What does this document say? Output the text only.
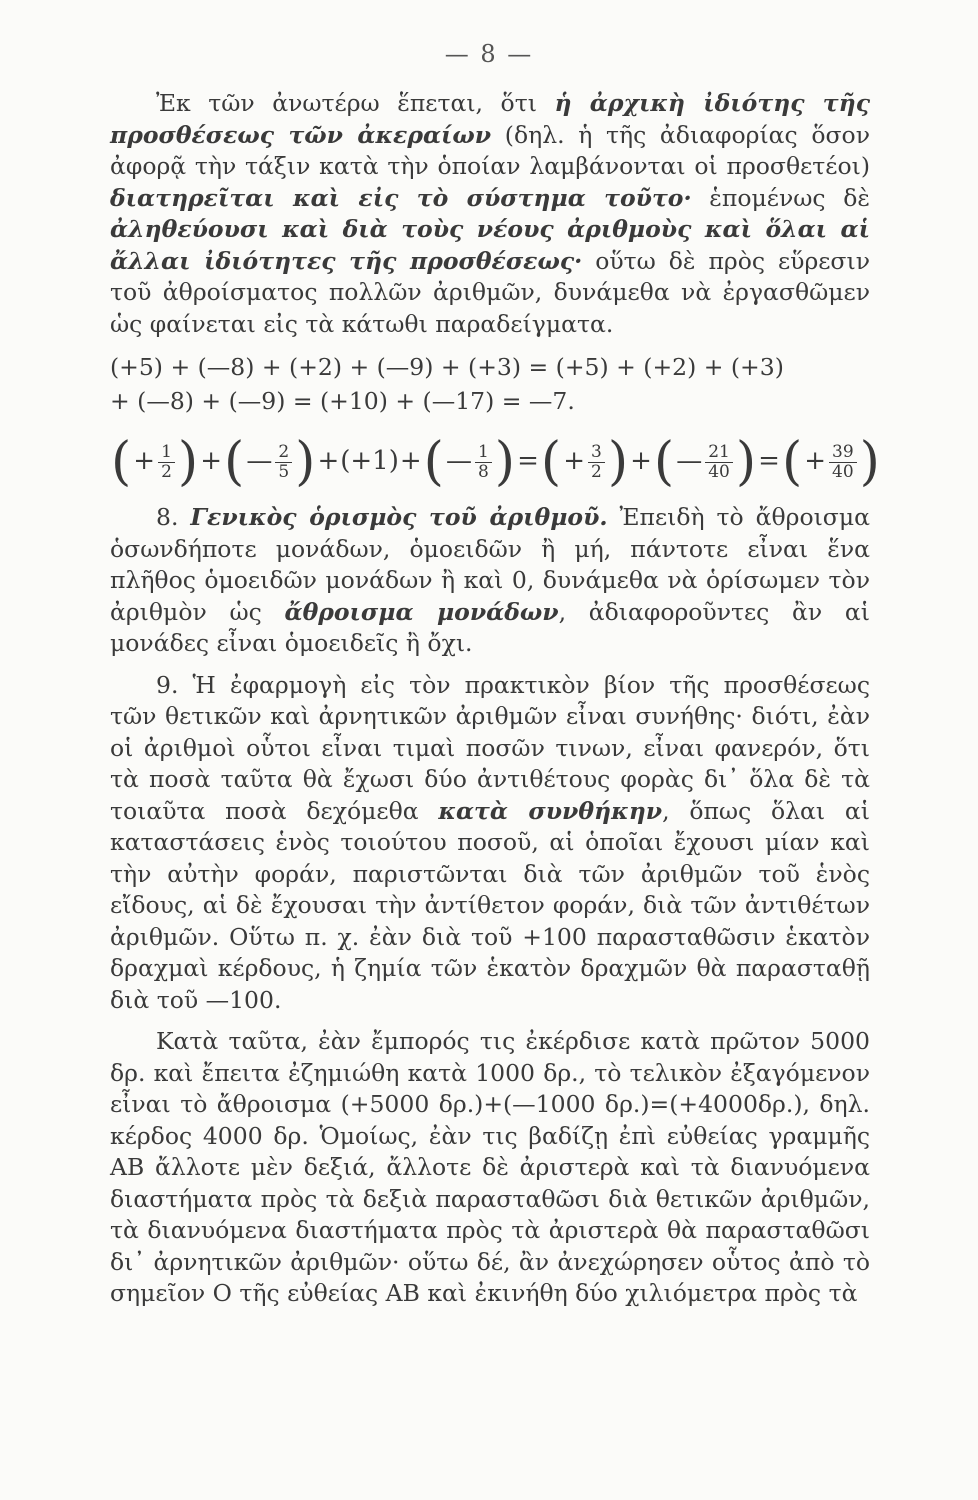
— 8 —

Ἐκ τῶν ἀνωτέρω ἕπεται, ὅτι ἡ ἀρχικὴ ἰδιότης τῆς προσθέσεως τῶν ἀκεραίων (δηλ. ἡ τῆς ἀδιαφορίας ὅσον ἀφορᾷ τὴν τάξιν κατὰ τὴν ὁποίαν λαμβάνονται οἱ προσθετέοι) διατηρεῖται καὶ εἰς τὸ σύστημα τοῦτο· ἑπομένως δὲ ἀληθεύουσι καὶ διὰ τοὺς νέους ἀριθμοὺς καὶ ὅλαι αἱ ἄλλαι ἰδιότητες τῆς προσθέσεως· οὕτω δὲ πρὸς εὕρεσιν τοῦ ἀθροίσματος πολλῶν ἀριθμῶν, δυνάμεθα νὰ ἐργασθῶμεν ὡς φαίνεται εἰς τὰ κάτωθι παραδείγματα.

(+5) + (—8) + (+2) + (—9) + (+3) = (+5) + (+2) + (+3)
+ (—8) + (—9) = (+10) + (—17) = —7.
( + $\frac{1}{2}$ ) + ( — $\frac{2}{5}$ ) + ( +1 ) + ( — $\frac{1}{8}$ ) = ( + $\frac{3}{2}$ ) + ( — $\frac{21}{40}$ ) = ( + $\frac{39}{40}$ )

8. Γενικὸς ὁρισμὸς τοῦ ἀριθμοῦ. Ἐπειδὴ τὸ ἄθροισμα ὁσωνδήποτε μονάδων, ὁμοειδῶν ἢ μή, πάντοτε εἶναι ἕνα πλῆθος ὁμοειδῶν μονάδων ἢ καὶ 0, δυνάμεθα νὰ ὁρίσωμεν τὸν ἀριθμὸν ὡς ἄθροισμα μονάδων, ἀδιαφοροῦντες ἂν αἱ μονάδες εἶναι ὁμοειδεῖς ἢ ὄχι.

9. Ἡ ἐφαρμογὴ εἰς τὸν πρακτικὸν βίον τῆς προσθέσεως τῶν θετικῶν καὶ ἀρνητικῶν ἀριθμῶν εἶναι συνήθης· διότι, ἐὰν οἱ ἀριθμοὶ οὗτοι εἶναι τιμαὶ ποσῶν τινων, εἶναι φανερόν, ὅτι τὰ ποσὰ ταῦτα θὰ ἔχωσι δύο ἀντιθέτους φορὰς δι᾿ ὅλα δὲ τὰ τοιαῦτα ποσὰ δεχόμεθα κατὰ συνθήκην, ὅπως ὅλαι αἱ καταστάσεις ἑνὸς τοιούτου ποσοῦ, αἱ ὁποῖαι ἔχουσι μίαν καὶ τὴν αὐτὴν φοράν, παριστῶνται διὰ τῶν ἀριθμῶν τοῦ ἑνὸς εἴδους, αἱ δὲ ἔχουσαι τὴν ἀντίθετον φοράν, διὰ τῶν ἀντιθέτων ἀριθμῶν. Οὕτω π. χ. ἐὰν διὰ τοῦ +100 παρασταθῶσιν ἑκατὸν δραχμαὶ κέρδους, ἡ ζημία τῶν ἑκατὸν δραχμῶν θὰ παρασταθῇ διὰ τοῦ —100.

Κατὰ ταῦτα, ἐὰν ἔμπορός τις ἐκέρδισε κατὰ πρῶτον 5000 δρ. καὶ ἔπειτα ἐζημιώθη κατὰ 1000 δρ., τὸ τελικὸν ἐξαγόμενον εἶναι τὸ ἄθροισμα (+5000 δρ.)+(—1000 δρ.)=(+4000δρ.), δηλ. κέρδος 4000 δρ. Ὁμοίως, ἐὰν τις βαδίζῃ ἐπὶ εὐθείας γραμμῆς ΑΒ ἄλλοτε μὲν δεξιά, ἄλλοτε δὲ ἀριστερὰ καὶ τὰ διανυόμενα διαστήματα πρὸς τὰ δεξιὰ παρασταθῶσι διὰ θετικῶν ἀριθμῶν, τὰ διανυόμενα διαστήματα πρὸς τὰ ἀριστερὰ θὰ παρασταθῶσι δι᾿ ἀρνητικῶν ἀριθμῶν· οὕτω δέ, ἂν ἀνεχώρησεν οὗτος ἀπὸ τὸ σημεῖον Ο τῆς εὐθείας ΑΒ καὶ ἐκινήθη δύο χιλιόμετρα πρὸς τὰ
